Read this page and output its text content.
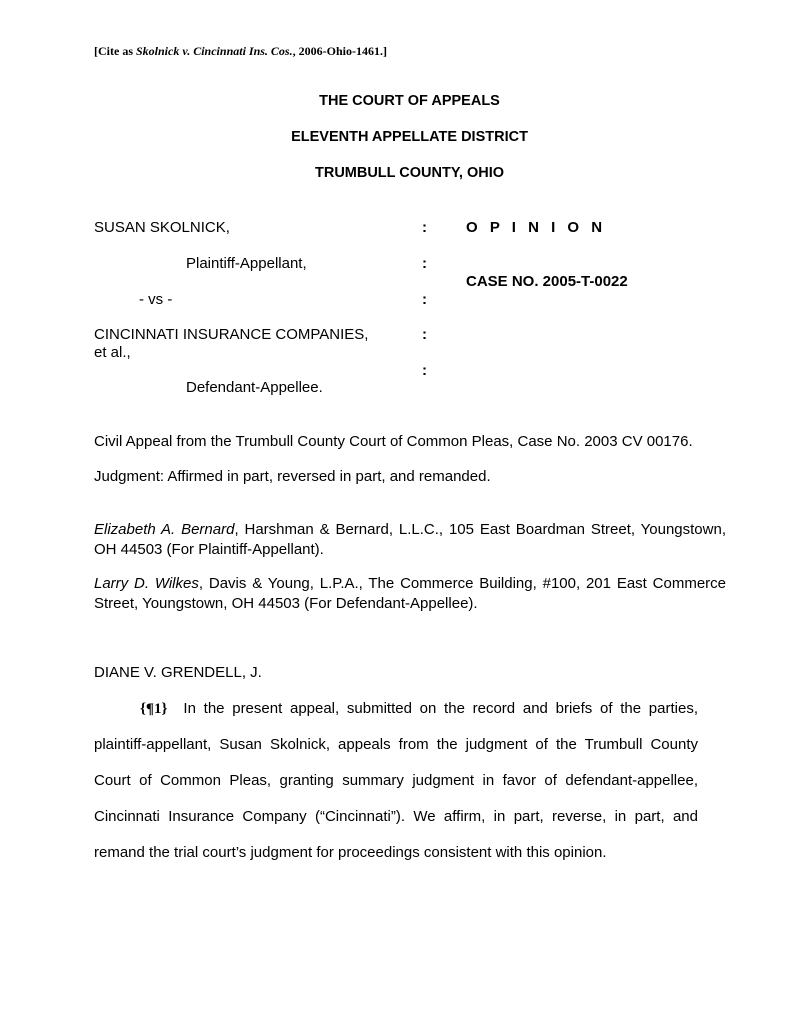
[Cite as Skolnick v. Cincinnati Ins. Cos., 2006-Ohio-1461.]
THE COURT OF APPEALS
ELEVENTH APPELLATE DISTRICT
TRUMBULL COUNTY, OHIO
SUSAN SKOLNICK,
Plaintiff-Appellant,
- vs -
CINCINNATI INSURANCE COMPANIES,
et al.,
Defendant-Appellee.
:
:
:
:
:
O P I N I O N
CASE NO. 2005-T-0022
Civil Appeal from the Trumbull County Court of Common Pleas, Case No. 2003 CV 00176.
Judgment: Affirmed in part, reversed in part, and remanded.
Elizabeth A. Bernard, Harshman & Bernard, L.L.C., 105 East Boardman Street, Youngstown, OH 44503 (For Plaintiff-Appellant).
Larry D. Wilkes, Davis & Young, L.P.A., The Commerce Building, #100, 201 East Commerce Street, Youngstown, OH 44503 (For Defendant-Appellee).
DIANE V. GRENDELL, J.
{¶1} In the present appeal, submitted on the record and briefs of the parties,
plaintiff-appellant, Susan Skolnick, appeals from the judgment of the Trumbull County
Court of Common Pleas, granting summary judgment in favor of defendant-appellee,
Cincinnati Insurance Company (“Cincinnati”). We affirm, in part, reverse, in part, and
remand the trial court’s judgment for proceedings consistent with this opinion.
